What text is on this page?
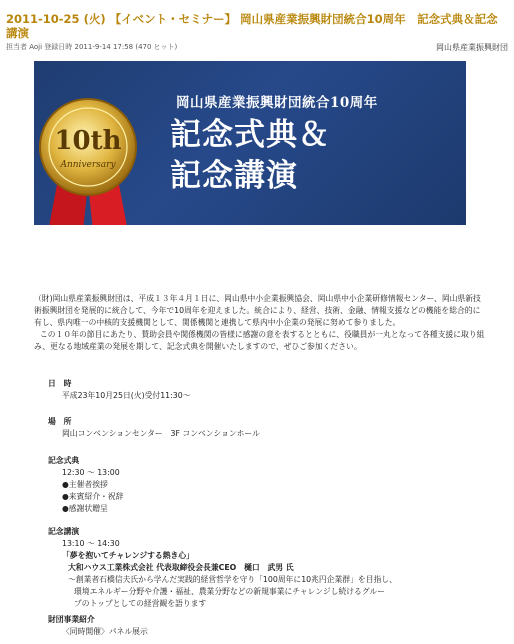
2011-10-25 (火) 【イベント・セミナー】 岡山県産業振興財団統合10周年　記念式典＆記念講演
担当者 Aoji 登録日時 2011-9-14 17:58 (470 ヒット)	岡山県産業振興財団
10th
Anniversary
岡山県産業振興財団統合10周年
記念式典＆
記念講演

（財)岡山県産業振興財団は、平成１３年４月１日に、岡山県中小企業振興協会、岡山県中小企業研修情報センター、岡山県新技術振興財団を発展的に統合して、今年で10周年を迎えました。統合により、経営、技術、金融、情報支援などの機能を総合的に有し、県内唯一の中核的支援機関として、関係機関と連携して県内中小企業の発展に努めて参りました。

この１０年の節目にあたり、賛助会員や関係機関の皆様に感謝の意を表するとともに、役職員が一丸となって各種支援に取り組み、更なる地域産業の発展を期して、記念式典を開催いたしますので、ぜひご参加ください。

日　時
平成23年10月25日(火)受付11:30～
場　所
岡山コンベンションセンター　3F コンベンションホール
記念式典
12:30 ～ 13:00
●主催者挨拶
●来賓紹介・祝辞
●感謝状贈呈
記念講演
13:10 ～ 14:30
「夢を抱いてチャレンジする熱き心」
大和ハウス工業株式会社 代表取締役会長兼CEO　樋口　武男 氏
～創業者石橋信夫氏から学んだ実践的経営哲学を守り「100周年に10兆円企業群」を目指し、
環境エネルギー分野や介護・福祉、農業分野などの新規事業にチャレンジし続けるグルー
プのトップとしての経営観を語ります
財団事業紹介
〈同時開催〉パネル展示
